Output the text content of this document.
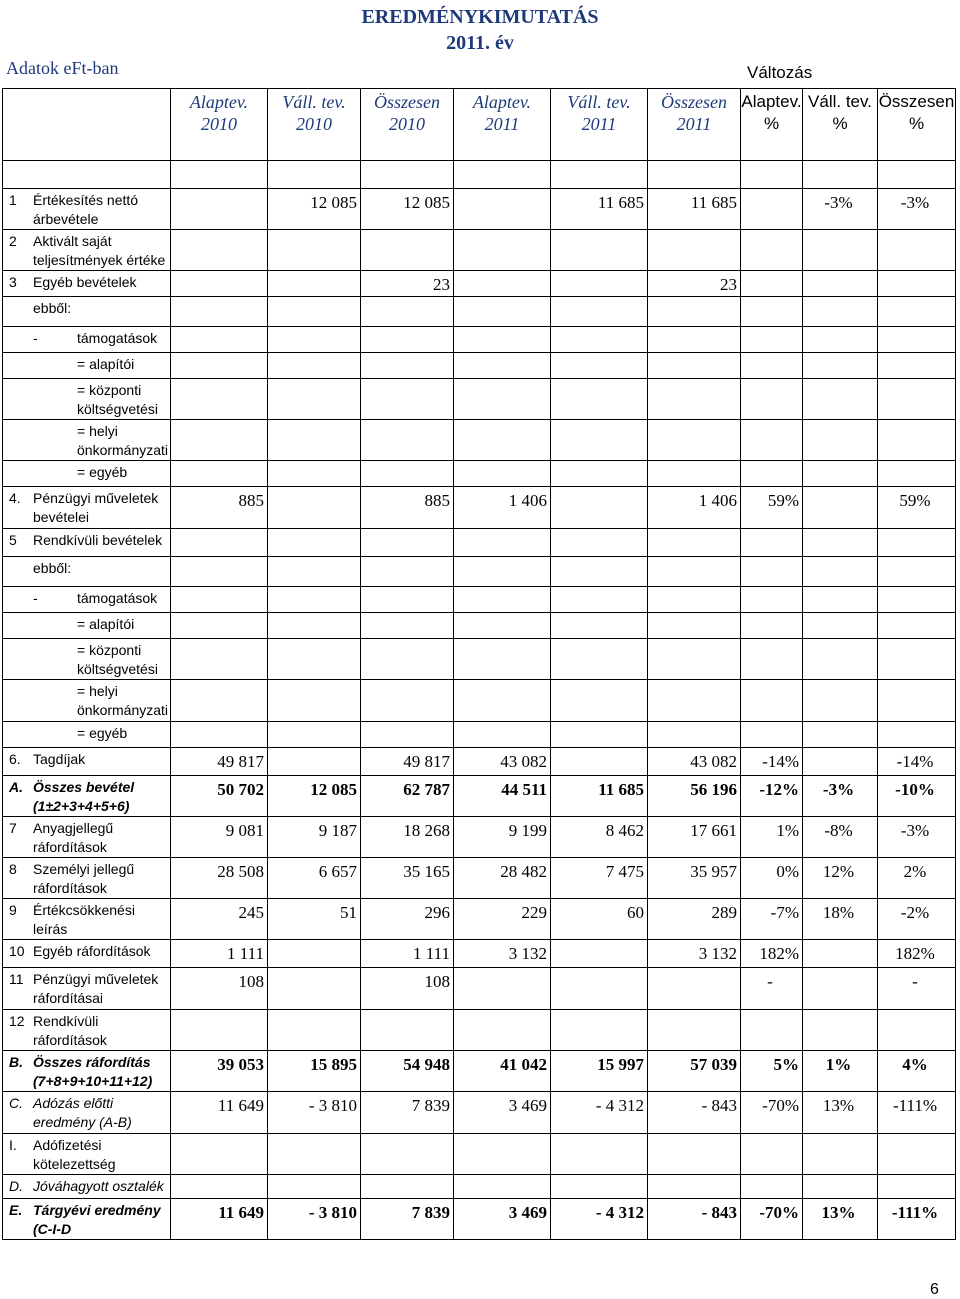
EREDMÉNYKIMUTATÁS
2011. év
Adatok eFt-ban	Változás
	Alaptev. 2010	Váll. tev. 2010	Összesen 2010	Alaptev. 2011	Váll. tev. 2011	Összesen 2011	Alaptev. %	Váll. tev. %	Összesen %

1 Értékesítés nettó árbevétele		12 085	12 085		11 685	11 685		-3%	-3%

2 Aktivált saját teljesítmények értéke									

3 Egyéb bevételek			23			23			

ebből:									

- támogatások									

= alapítói									

= központi költségvetési									

= helyi önkormányzati									

= egyéb									

4. Pénzügyi műveletek bevételei	885		885	1 406		1 406	59%		59%

5 Rendkívüli bevételek									

ebből:									

- támogatások									

= alapítói									

= központi költségvetési									

= helyi önkormányzati									

= egyéb									

6. Tagdíjak	49 817		49 817	43 082		43 082	-14%		-14%

A. Összes bevétel (1±2+3+4+5+6)	50 702	12 085	62 787	44 511	11 685	56 196	-12%	-3%	-10%

7 Anyagjellegű ráfordítások	9 081	9 187	18 268	9 199	8 462	17 661	1%	-8%	-3%

8 Személyi jellegű ráfordítások	28 508	6 657	35 165	28 482	7 475	35 957	0%	12%	2%

9 Értékcsökkenési leírás	245	51	296	229	60	289	-7%	18%	-2%

10 Egyéb ráfordítások	1 111		1 111	3 132		3 132	182%		182%

11 Pénzügyi műveletek ráfordításai	108		108				-		-

12 Rendkívüli ráfordítások									

B. Összes ráfordítás (7+8+9+10+11+12)	39 053	15 895	54 948	41 042	15 997	57 039	5%	1%	4%

C. Adózás előtti eredmény (A-B)	11 649	- 3 810	7 839	3 469	- 4 312	- 843	-70%	13%	-111%

I. Adófizetési kötelezettség									

D. Jóváhagyott osztalék									

E. Tárgyévi eredmény (C-I-D	11 649	- 3 810	7 839	3 469	- 4 312	- 843	-70%	13%	-111%
6
